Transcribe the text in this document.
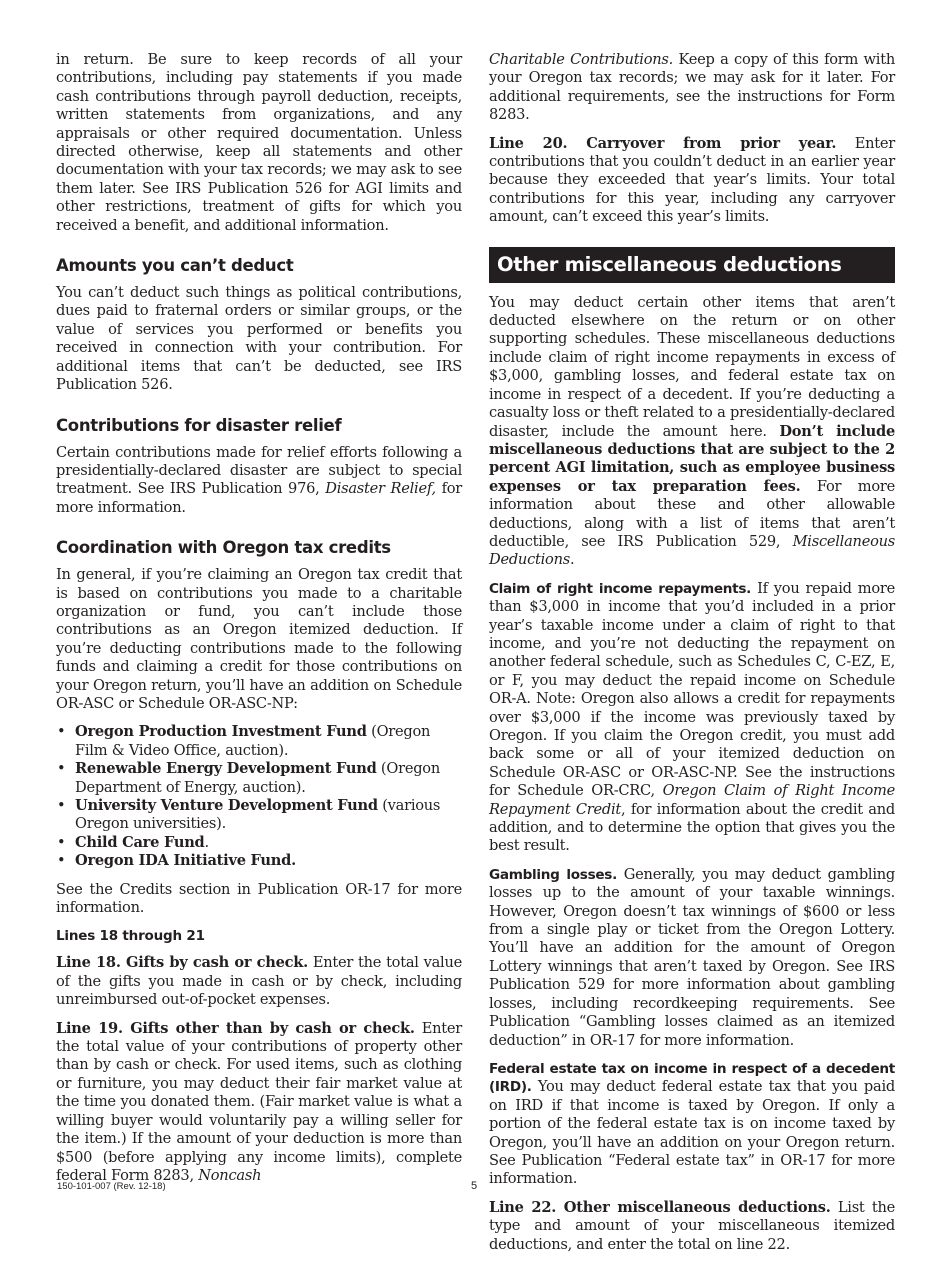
in return. Be sure to keep records of all your contributions, including pay statements if you made cash contributions through payroll deduction, receipts, written statements from organizations, and any appraisals or other required documentation. Unless directed otherwise, keep all statements and other documentation with your tax records; we may ask to see them later. See IRS Publication 526 for AGI limits and other restrictions, treatment of gifts for which you received a benefit, and additional information.

Amounts you can’t deduct

You can’t deduct such things as political contributions, dues paid to fraternal orders or similar groups, or the value of services you performed or benefits you received in connection with your contribution. For additional items that can’t be deducted, see IRS Publication 526.

Contributions for disaster relief

Certain contributions made for relief efforts following a presidentially-declared disaster are subject to special treatment. See IRS Publication 976, Disaster Relief, for more information.

Coordination with Oregon tax credits

In general, if you’re claiming an Oregon tax credit that is based on contributions you made to a charitable organization or fund, you can’t include those contributions as an Oregon itemized deduction. If you’re deducting contributions made to the following funds and claiming a credit for those contributions on your Oregon return, you’ll have an addition on Schedule OR-ASC or Schedule OR-ASC-NP:

• Oregon Production Investment Fund (Oregon Film & Video Office, auction).
• Renewable Energy Development Fund (Oregon Department of Energy, auction).
• University Venture Development Fund (various Oregon universities).
• Child Care Fund.
• Oregon IDA Initiative Fund.

See the Credits section in Publication OR-17 for more information.

Lines 18 through 21

Line 18. Gifts by cash or check. Enter the total value of the gifts you made in cash or by check, including unreimbursed out-of-pocket expenses.

Line 19. Gifts other than by cash or check. Enter the total value of your contributions of property other than by cash or check. For used items, such as clothing or furniture, you may deduct their fair market value at the time you donated them. (Fair market value is what a willing buyer would voluntarily pay a willing seller for the item.) If the amount of your deduction is more than $500 (before applying any income limits), complete federal Form 8283, Noncash

Charitable Contributions. Keep a copy of this form with your Oregon tax records; we may ask for it later. For additional requirements, see the instructions for Form 8283.

Line 20. Carryover from prior year. Enter contributions that you couldn’t deduct in an earlier year because they exceeded that year’s limits. Your total contributions for this year, including any carryover amount, can’t exceed this year’s limits.

Other miscellaneous deductions

You may deduct certain other items that aren’t deducted elsewhere on the return or on other supporting schedules. These miscellaneous deductions include claim of right income repayments in excess of $3,000, gambling losses, and federal estate tax on income in respect of a decedent. If you’re deducting a casualty loss or theft related to a presidentially-declared disaster, include the amount here. Don’t include miscellaneous deductions that are subject to the 2 percent AGI limitation, such as employee business expenses or tax preparation fees. For more information about these and other allowable deductions, along with a list of items that aren’t deductible, see IRS Publication 529, Miscellaneous Deductions.

Claim of right income repayments. If you repaid more than $3,000 in income that you’d included in a prior year’s taxable income under a claim of right to that income, and you’re not deducting the repayment on another federal schedule, such as Schedules C, C-EZ, E, or F, you may deduct the repaid income on Schedule OR-A. Note: Oregon also allows a credit for repayments over $3,000 if the income was previously taxed by Oregon. If you claim the Oregon credit, you must add back some or all of your itemized deduction on Schedule OR-ASC or OR-ASC-NP. See the instructions for Schedule OR-CRC, Oregon Claim of Right Income Repayment Credit, for information about the credit and addition, and to determine the option that gives you the best result.

Gambling losses. Generally, you may deduct gambling losses up to the amount of your taxable winnings. However, Oregon doesn’t tax winnings of $600 or less from a single play or ticket from the Oregon Lottery. You’ll have an addition for the amount of Oregon Lottery winnings that aren’t taxed by Oregon. See IRS Publication 529 for more information about gambling losses, including recordkeeping requirements. See Publication “Gambling losses claimed as an itemized deduction” in OR-17 for more information.

Federal estate tax on income in respect of a decedent (IRD). You may deduct federal estate tax that you paid on IRD if that income is taxed by Oregon. If only a portion of the federal estate tax is on income taxed by Oregon, you’ll have an addition on your Oregon return. See Publication “Federal estate tax” in OR-17 for more information.

Line 22. Other miscellaneous deductions. List the type and amount of your miscellaneous itemized deductions, and enter the total on line 22.

150-101-007 (Rev. 12-18)	5
